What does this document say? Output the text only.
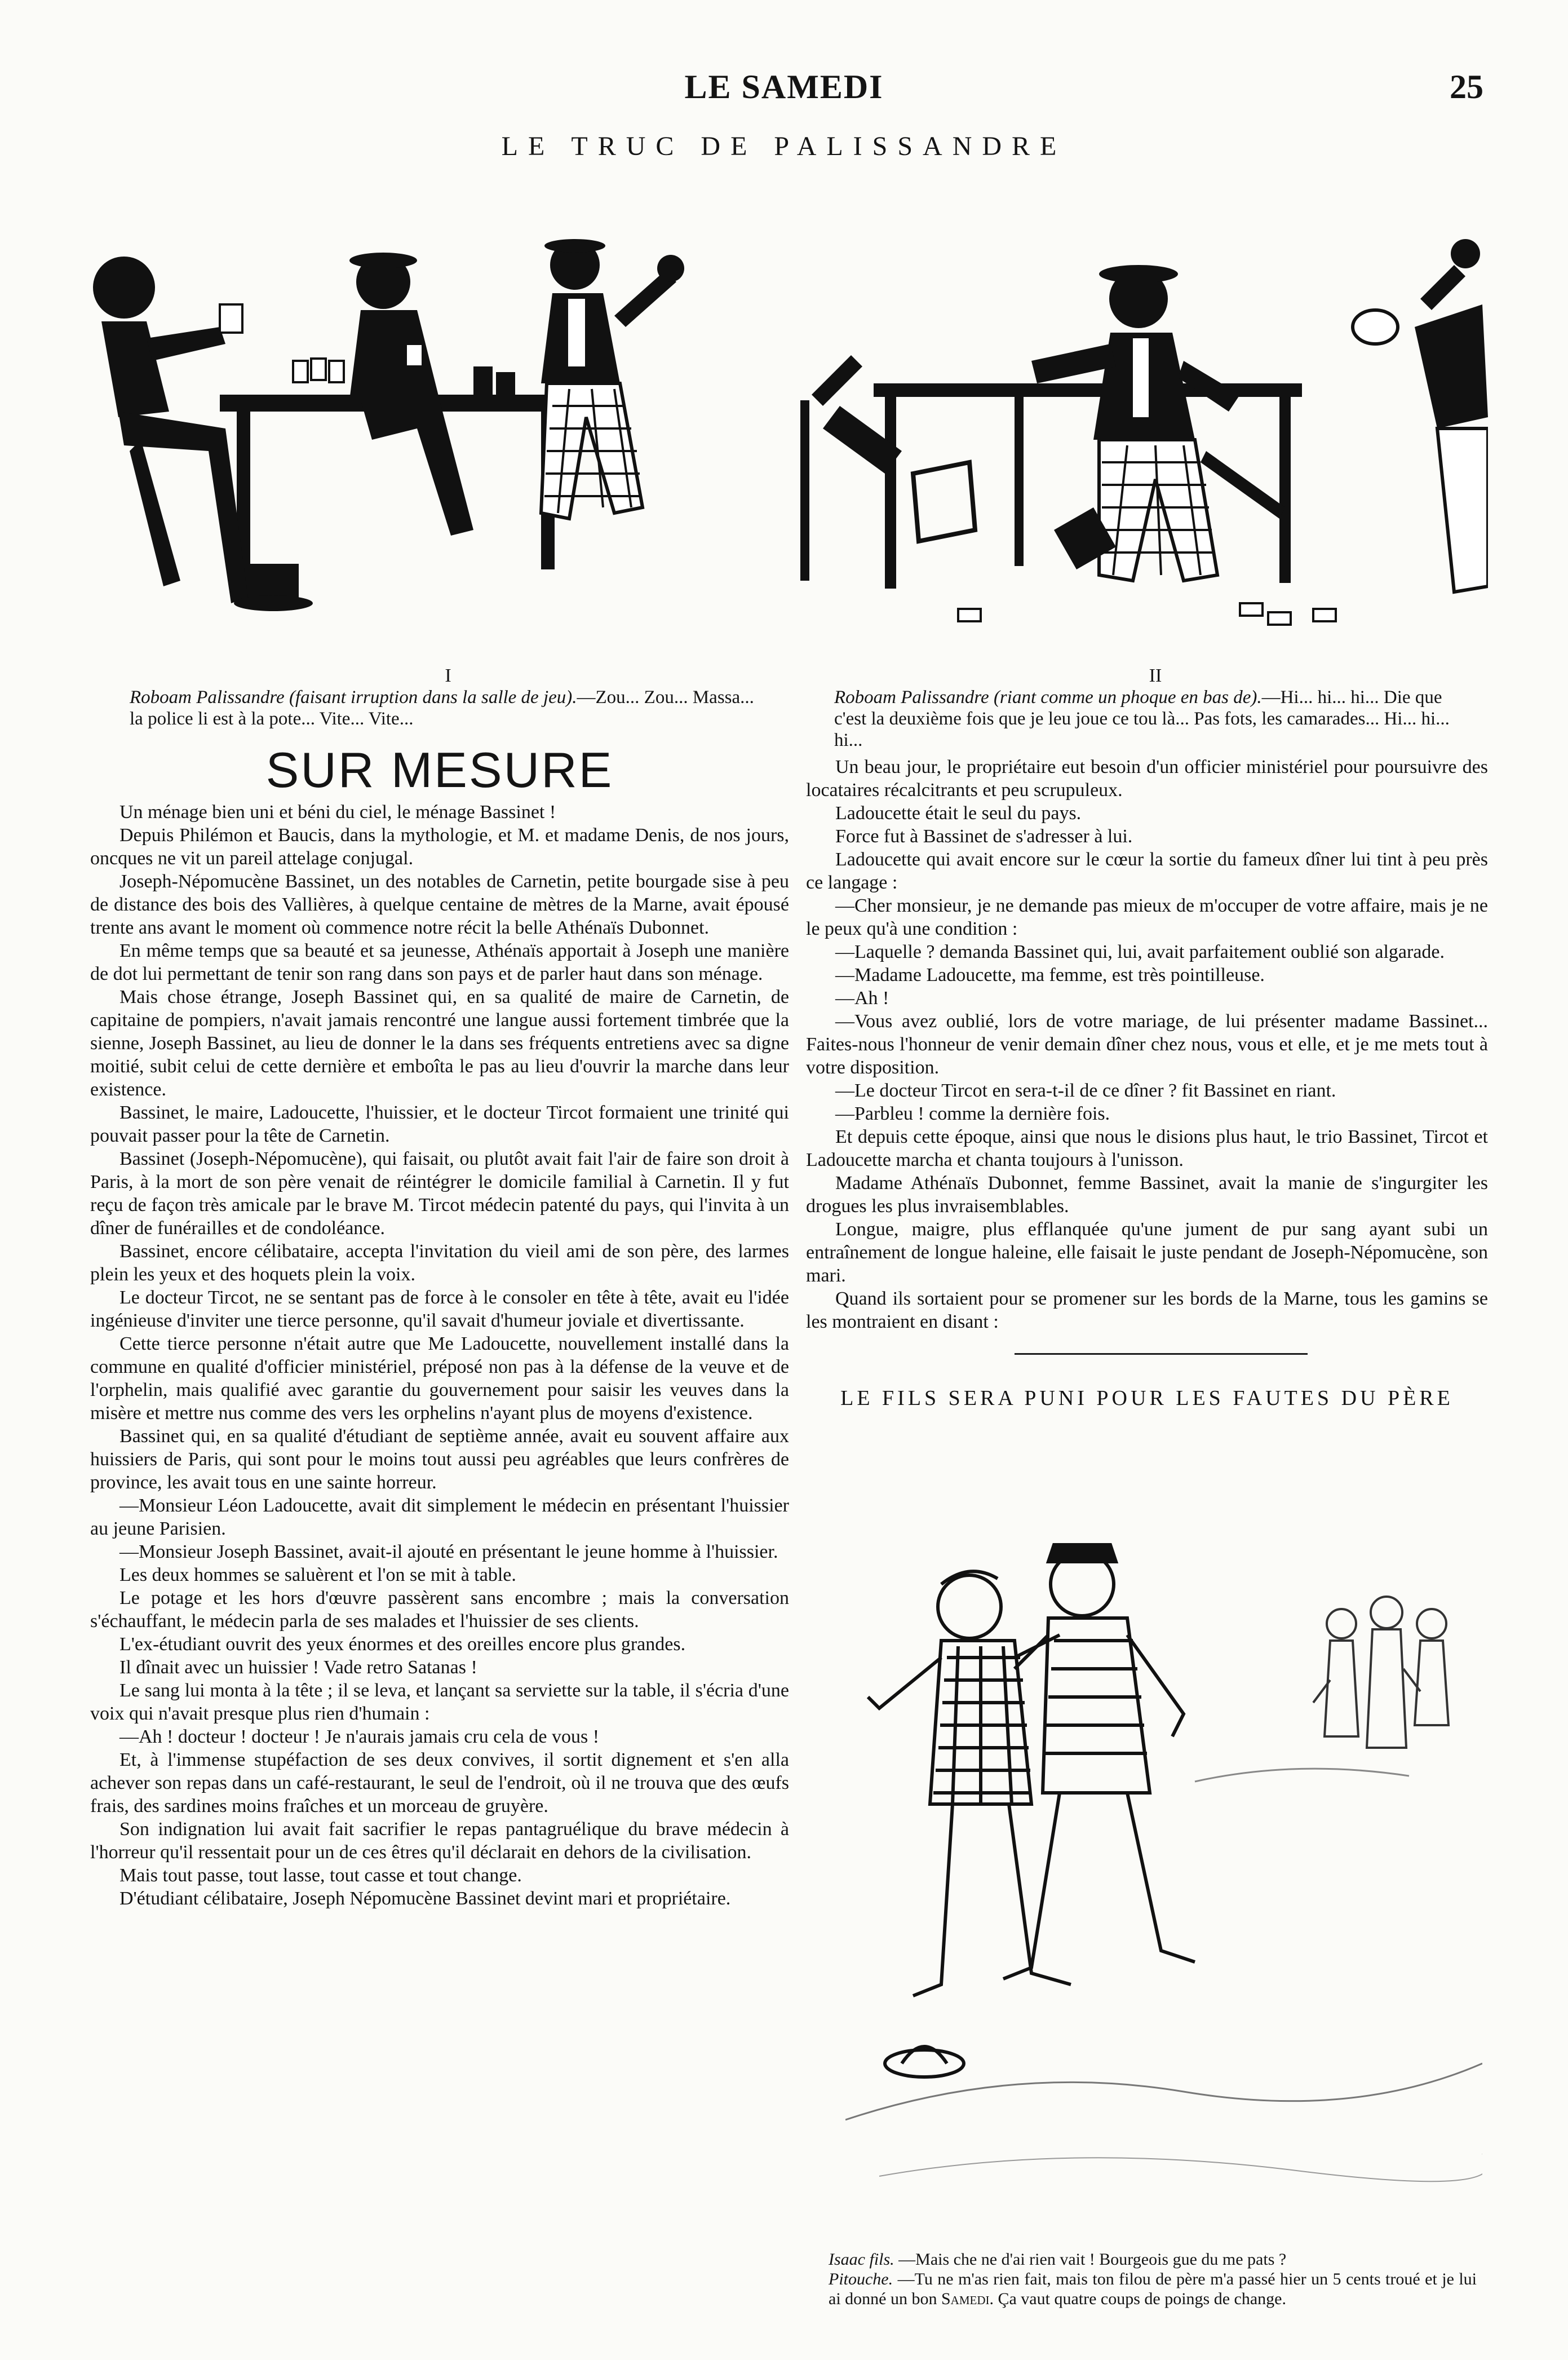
LE SAMEDI	25
LE TRUC DE PALISSANDRE
I
Roboam Palissandre (faisant irruption dans la salle de jeu).—Zou... Zou... Massa... la police li est à la pote... Vite... Vite...
II
Roboam Palissandre (riant comme un phoque en bas de).—Hi... hi... hi... Die que c'est la deuxième fois que je leu joue ce tou là... Pas fots, les camarades... Hi... hi... hi...
SUR MESURE

Un ménage bien uni et béni du ciel, le ménage Bassinet !

Depuis Philémon et Baucis, dans la mythologie, et M. et madame Denis, de nos jours, oncques ne vit un pareil attelage conjugal.

Joseph-Népomucène Bassinet, un des notables de Carnetin, petite bourgade sise à peu de distance des bois des Vallières, à quelque centaine de mètres de la Marne, avait épousé trente ans avant le moment où commence notre récit la belle Athénaïs Dubonnet.

En même temps que sa beauté et sa jeunesse, Athénaïs apportait à Joseph une manière de dot lui permettant de tenir son rang dans son pays et de parler haut dans son ménage.

Mais chose étrange, Joseph Bassinet qui, en sa qualité de maire de Carnetin, de capitaine de pompiers, n'avait jamais rencontré une langue aussi fortement timbrée que la sienne, Joseph Bassinet, au lieu de donner le la dans ses fréquents entretiens avec sa digne moitié, subit celui de cette dernière et emboîta le pas au lieu d'ouvrir la marche dans leur existence.

Bassinet, le maire, Ladoucette, l'huissier, et le docteur Tircot formaient une trinité qui pouvait passer pour la tête de Carnetin.

Bassinet (Joseph-Népomucène), qui faisait, ou plutôt avait fait l'air de faire son droit à Paris, à la mort de son père venait de réintégrer le domicile familial à Carnetin. Il y fut reçu de façon très amicale par le brave M. Tircot médecin patenté du pays, qui l'invita à un dîner de funérailles et de condoléance.

Bassinet, encore célibataire, accepta l'invitation du vieil ami de son père, des larmes plein les yeux et des hoquets plein la voix.

Le docteur Tircot, ne se sentant pas de force à le consoler en tête à tête, avait eu l'idée ingénieuse d'inviter une tierce personne, qu'il savait d'humeur joviale et divertissante.

Cette tierce personne n'était autre que Me Ladoucette, nouvellement installé dans la commune en qualité d'officier ministériel, préposé non pas à la défense de la veuve et de l'orphelin, mais qualifié avec garantie du gouvernement pour saisir les veuves dans la misère et mettre nus comme des vers les orphelins n'ayant plus de moyens d'existence.

Bassinet qui, en sa qualité d'étudiant de septième année, avait eu souvent affaire aux huissiers de Paris, qui sont pour le moins tout aussi peu agréables que leurs confrères de province, les avait tous en une sainte horreur.

—Monsieur Léon Ladoucette, avait dit simplement le médecin en présentant l'huissier au jeune Parisien.

—Monsieur Joseph Bassinet, avait-il ajouté en présentant le jeune homme à l'huissier.

Les deux hommes se saluèrent et l'on se mit à table.

Le potage et les hors d'œuvre passèrent sans encombre ; mais la conversation s'échauffant, le médecin parla de ses malades et l'huissier de ses clients.

L'ex-étudiant ouvrit des yeux énormes et des oreilles encore plus grandes.

Il dînait avec un huissier ! Vade retro Satanas !

Le sang lui monta à la tête ; il se leva, et lançant sa serviette sur la table, il s'écria d'une voix qui n'avait presque plus rien d'humain :

—Ah ! docteur ! docteur ! Je n'aurais jamais cru cela de vous !

Et, à l'immense stupéfaction de ses deux convives, il sortit dignement et s'en alla achever son repas dans un café-restaurant, le seul de l'endroit, où il ne trouva que des œufs frais, des sardines moins fraîches et un morceau de gruyère.

Son indignation lui avait fait sacrifier le repas pantagruélique du brave médecin à l'horreur qu'il ressentait pour un de ces êtres qu'il déclarait en dehors de la civilisation.

Mais tout passe, tout lasse, tout casse et tout change.

D'étudiant célibataire, Joseph Népomucène Bassinet devint mari et propriétaire.

Un beau jour, le propriétaire eut besoin d'un officier ministériel pour poursuivre des locataires récalcitrants et peu scrupuleux.

Ladoucette était le seul du pays.

Force fut à Bassinet de s'adresser à lui.

Ladoucette qui avait encore sur le cœur la sortie du fameux dîner lui tint à peu près ce langage :

—Cher monsieur, je ne demande pas mieux de m'occuper de votre affaire, mais je ne le peux qu'à une condition :

—Laquelle ? demanda Bassinet qui, lui, avait parfaitement oublié son algarade.

—Madame Ladoucette, ma femme, est très pointilleuse.

—Ah !

—Vous avez oublié, lors de votre mariage, de lui présenter madame Bassinet... Faites-nous l'honneur de venir demain dîner chez nous, vous et elle, et je me mets tout à votre disposition.

—Le docteur Tircot en sera-t-il de ce dîner ? fit Bassinet en riant.

—Parbleu ! comme la dernière fois.

Et depuis cette époque, ainsi que nous le disions plus haut, le trio Bassinet, Tircot et Ladoucette marcha et chanta toujours à l'unisson.

Madame Athénaïs Dubonnet, femme Bassinet, avait la manie de s'ingurgiter les drogues les plus invraisemblables.

Longue, maigre, plus efflanquée qu'une jument de pur sang ayant subi un entraînement de longue haleine, elle faisait le juste pendant de Joseph-Népomucène, son mari.

Quand ils sortaient pour se promener sur les bords de la Marne, tous les gamins se les montraient en disant :

LE FILS SERA PUNI POUR LES FAUTES DU PÈRE
Isaac fils. —Mais che ne d'ai rien vait ! Bourgeois gue du me pats ?
Pitouche. —Tu ne m'as rien fait, mais ton filou de père m'a passé hier un 5 cents troué et je lui ai donné un bon Samedi. Ça vaut quatre coups de poings de change.
